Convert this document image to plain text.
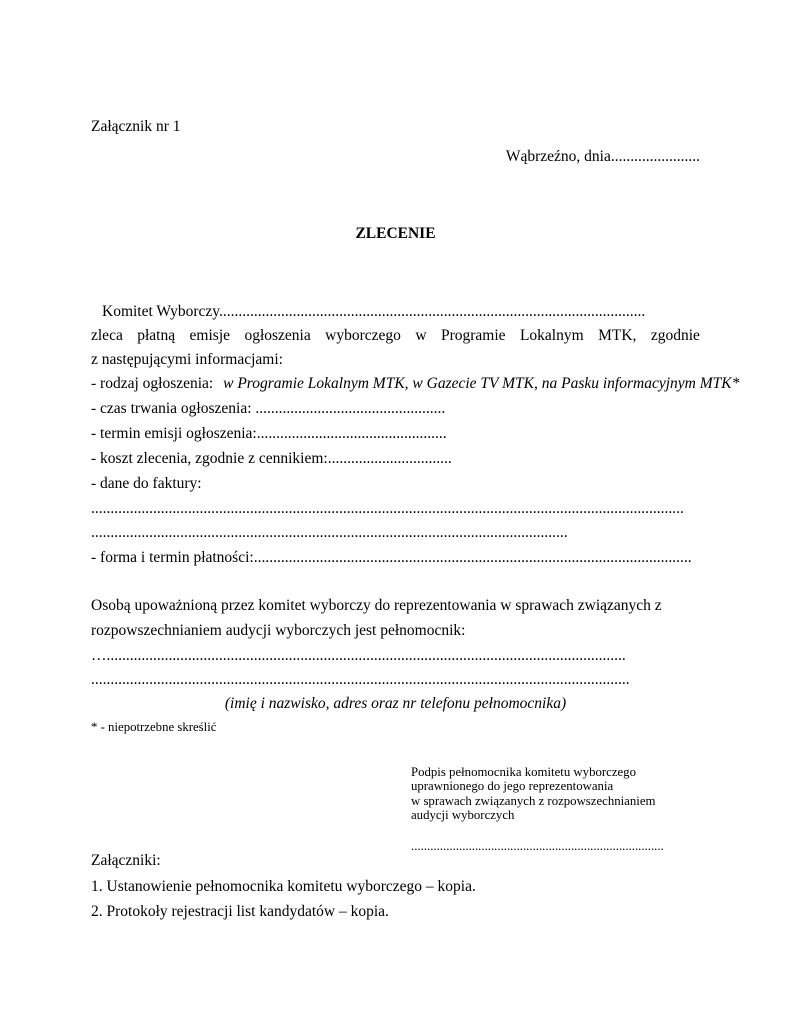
Załącznik nr 1
Wąbrzeźno, dnia.......................
ZLECENIE
Komitet Wyborczy..............................................................................................................
zleca płatną emisje ogłoszenia wyborczego w Programie Lokalnym MTK, zgodnie
z następującymi informacjami:
- rodzaj ogłoszenia: w Programie Lokalnym MTK, w Gazecie TV MTK, na Pasku informacyjnym MTK*
- czas trwania ogłoszenia: .................................................
- termin emisji ogłoszenia:.................................................
- koszt zlecenia, zgodnie z cennikiem:................................
- dane do faktury:
.........................................................................................................................................................
...........................................................................................................................
- forma i termin płatności:.................................................................................................................
Osobą upoważnioną przez komitet wyborczy do reprezentowania w sprawach związanych z
rozpowszechnianiem audycji wyborczych jest pełnomocnik:
…......................................................................................................................................
...........................................................................................................................................
(imię i nazwisko, adres oraz nr telefonu pełnomocnika)
* - niepotrzebne skreślić
Podpis pełnomocnika komitetu wyborczego
uprawnionego do jego reprezentowania
w sprawach związanych z rozpowszechnianiem
audycji wyborczych
...............................................................................
Załączniki:
1. Ustanowienie pełnomocnika komitetu wyborczego – kopia.
2. Protokoły rejestracji list kandydatów – kopia.
